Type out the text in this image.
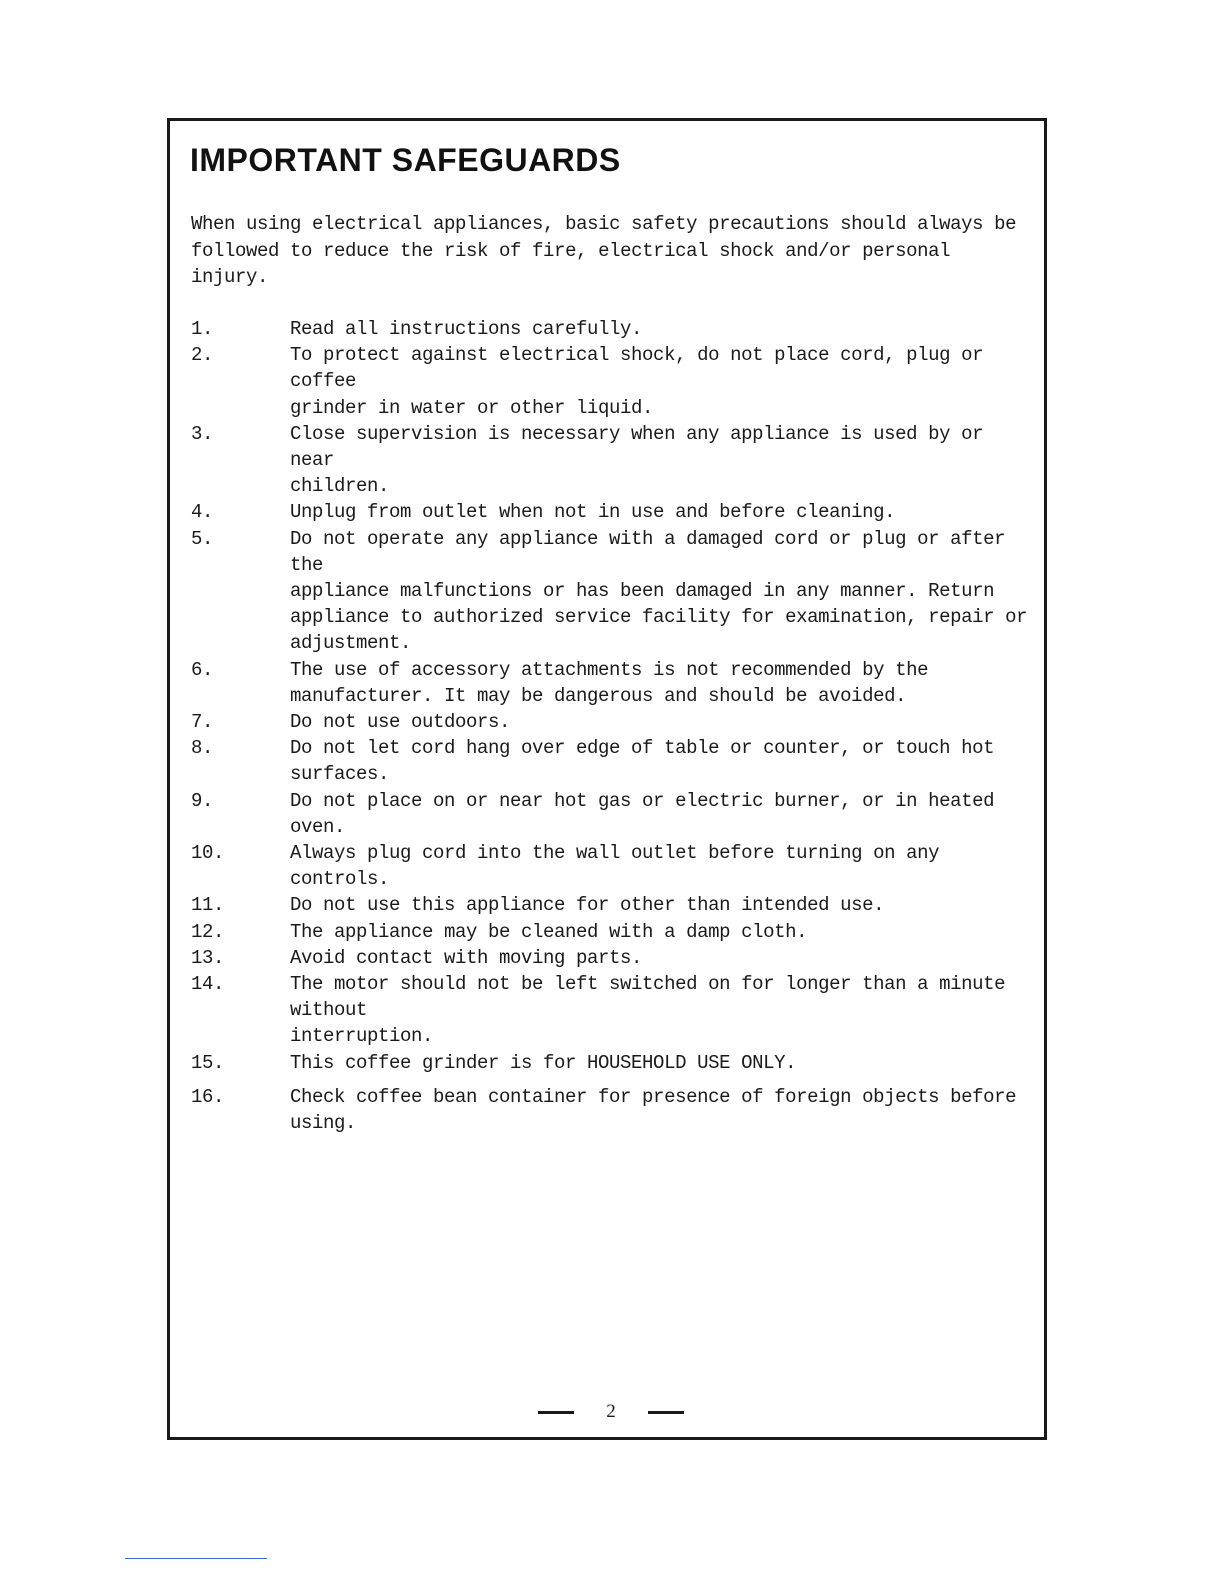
IMPORTANT SAFEGUARDS

When using electrical appliances, basic safety precautions should always be followed to reduce the risk of fire, electrical shock and/or personal injury.

1.	Read all instructions carefully.
2.	To protect against electrical shock, do not place cord, plug or coffee
grinder in water or other liquid.
3.	Close supervision is necessary when any appliance is used by or near
children.
4.	Unplug from outlet when not in use and before cleaning.
5.	Do not operate any appliance with a damaged cord or plug or after the
appliance malfunctions or has been damaged in any manner. Return
appliance to authorized service facility for examination, repair or
adjustment.
6.	The use of accessory attachments is not recommended by the
manufacturer. It may be dangerous and should be avoided.
7.	Do not use outdoors.
8.	Do not let cord hang over edge of table or counter, or touch hot surfaces.
9.	Do not place on or near hot gas or electric burner, or in heated oven.
10.	Always plug cord into the wall outlet before turning on any controls.
11.	Do not use this appliance for other than intended use.
12.	The appliance may be cleaned with a damp cloth.
13.	Avoid contact with moving parts.
14.	The motor should not be left switched on for longer than a minute without
interruption.
15.	This coffee grinder is for HOUSEHOLD USE ONLY.
16.	Check coffee bean container for presence of foreign objects before using.
2
